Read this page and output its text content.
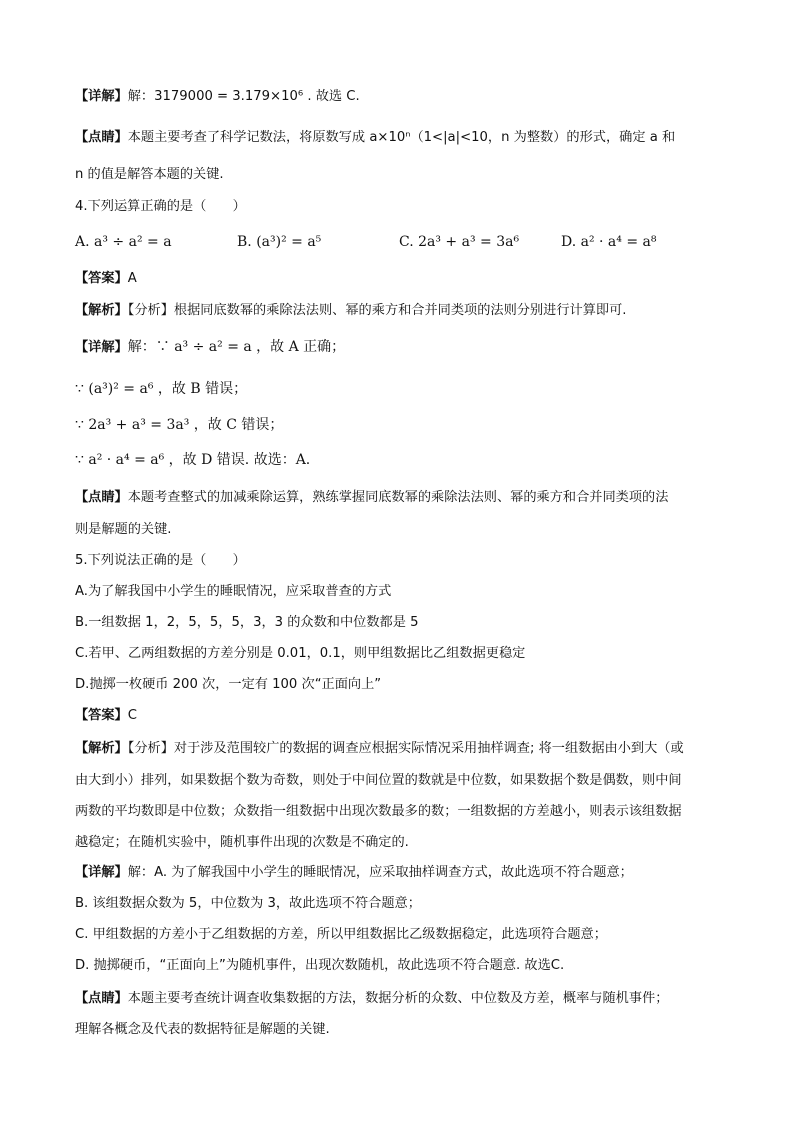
【详解】解：3179000 = 3.179×10⁶ . 故选 C.
【点睛】本题主要考查了科学记数法，将原数写成 a×10ⁿ（1<|a|<10，n 为整数）的形式，确定 a 和
n 的值是解答本题的关键.
4.下列运算正确的是（　　）
A. a³ ÷ a² = a	B. (a³)² = a⁵	C. 2a³ + a³ = 3a⁶	D. a² · a⁴ = a⁸
【答案】A
【解析】【分析】根据同底数幂的乘除法法则、幂的乘方和合并同类项的法则分别进行计算即可.
【详解】解：∵ a³ ÷ a² = a ，故 A 正确；
∵ (a³)² = a⁶ ，故 B 错误；
∵ 2a³ + a³ = 3a³ ，故 C 错误；
∵ a² · a⁴ = a⁶ ，故 D 错误. 故选：A.
【点睛】本题考查整式的加减乘除运算，熟练掌握同底数幂的乘除法法则、幂的乘方和合并同类项的法
则是解题的关键.
5.下列说法正确的是（　　）
A.为了解我国中小学生的睡眠情况，应采取普查的方式
B.一组数据 1，2，5，5，5，3，3 的众数和中位数都是 5
C.若甲、乙两组数据的方差分别是 0.01，0.1，则甲组数据比乙组数据更稳定
D.抛掷一枚硬币 200 次，一定有 100 次“正面向上”
【答案】C
【解析】【分析】对于涉及范围较广的数据的调查应根据实际情况采用抽样调查; 将一组数据由小到大（或
由大到小）排列，如果数据个数为奇数，则处于中间位置的数就是中位数，如果数据个数是偶数，则中间
两数的平均数即是中位数；众数指一组数据中出现次数最多的数；一组数据的方差越小，则表示该组数据
越稳定；在随机实验中，随机事件出现的次数是不确定的.
【详解】解：A. 为了解我国中小学生的睡眠情况，应采取抽样调查方式，故此选项不符合题意；
B. 该组数据众数为 5，中位数为 3，故此选项不符合题意；
C. 甲组数据的方差小于乙组数据的方差，所以甲组数据比乙级数据稳定，此选项符合题意；
D. 抛掷硬币，“正面向上”为随机事件，出现次数随机，故此选项不符合题意. 故选C.
【点睛】本题主要考查统计调查收集数据的方法，数据分析的众数、中位数及方差，概率与随机事件；
理解各概念及代表的数据特征是解题的关键.
